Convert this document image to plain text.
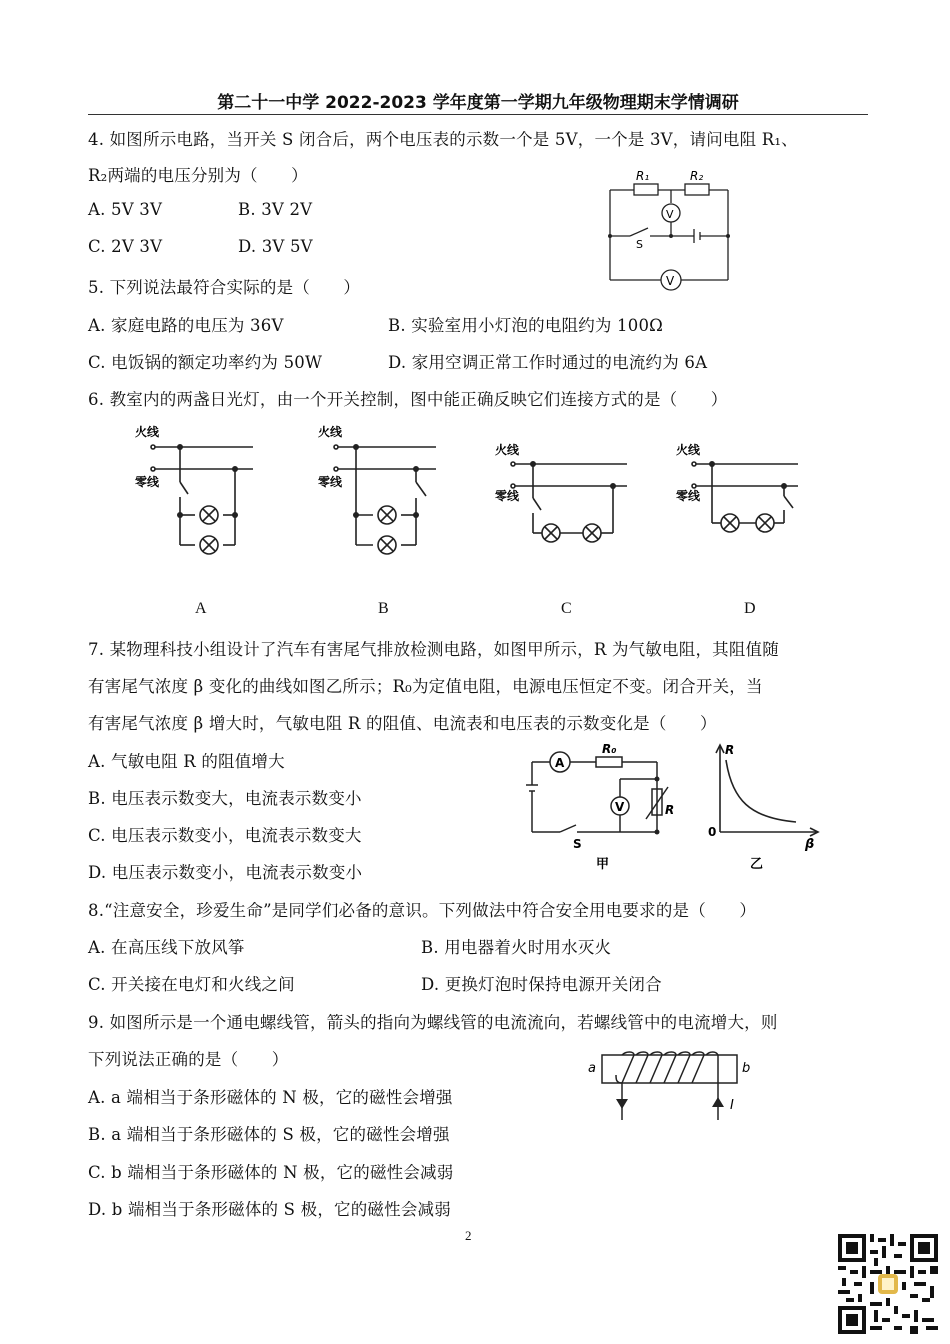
第二十一中学 2022-2023 学年度第一学期九年级物理期末学情调研
4. 如图所示电路，当开关 S 闭合后，两个电压表的示数一个是 5V，一个是 3V，请问电阻 R₁、
R₂两端的电压分别为（　　）
A. 5V 3V	B. 3V 2V
C. 2V 3V	D. 3V 5V
R₁	R₂
V
V
S
5. 下列说法最符合实际的是（　　）
A. 家庭电路的电压为 36V	B. 实验室用小灯泡的电阻约为 100Ω
C. 电饭锅的额定功率约为 50W	D. 家用空调正常工作时通过的电流约为 6A
6. 教室内的两盏日光灯，由一个开关控制，图中能正确反映它们连接方式的是（　　）
火线
零线
火线
零线
火线
零线
火线
零线
A	B	C	D
7. 某物理科技小组设计了汽车有害尾气排放检测电路，如图甲所示，R 为气敏电阻，其阻值随
有害尾气浓度 β 变化的曲线如图乙所示；R₀为定值电阻，电源电压恒定不变。闭合开关，当
有害尾气浓度 β 增大时，气敏电阻 R 的阻值、电流表和电压表的示数变化是（　　）
A. 气敏电阻 R 的阻值增大
B. 电压表示数变大，电流表示数变小
C. 电压表示数变小，电流表示数变大
D. 电压表示数变小，电流表示数变小
A
R₀
V	R
S
甲
R
0
β
乙
8.“注意安全，珍爱生命”是同学们必备的意识。下列做法中符合安全用电要求的是（　　）
A. 在高压线下放风筝	B. 用电器着火时用水灭火
C. 开关接在电灯和火线之间	D. 更换灯泡时保持电源开关闭合
9. 如图所示是一个通电螺线管，箭头的指向为螺线管的电流流向，若螺线管中的电流增大，则
下列说法正确的是（　　）
A. a 端相当于条形磁体的 N 极，它的磁性会增强
B. a 端相当于条形磁体的 S 极，它的磁性会增强
C. b 端相当于条形磁体的 N 极，它的磁性会减弱
D. b 端相当于条形磁体的 S 极，它的磁性会减弱
a	b
I
2
